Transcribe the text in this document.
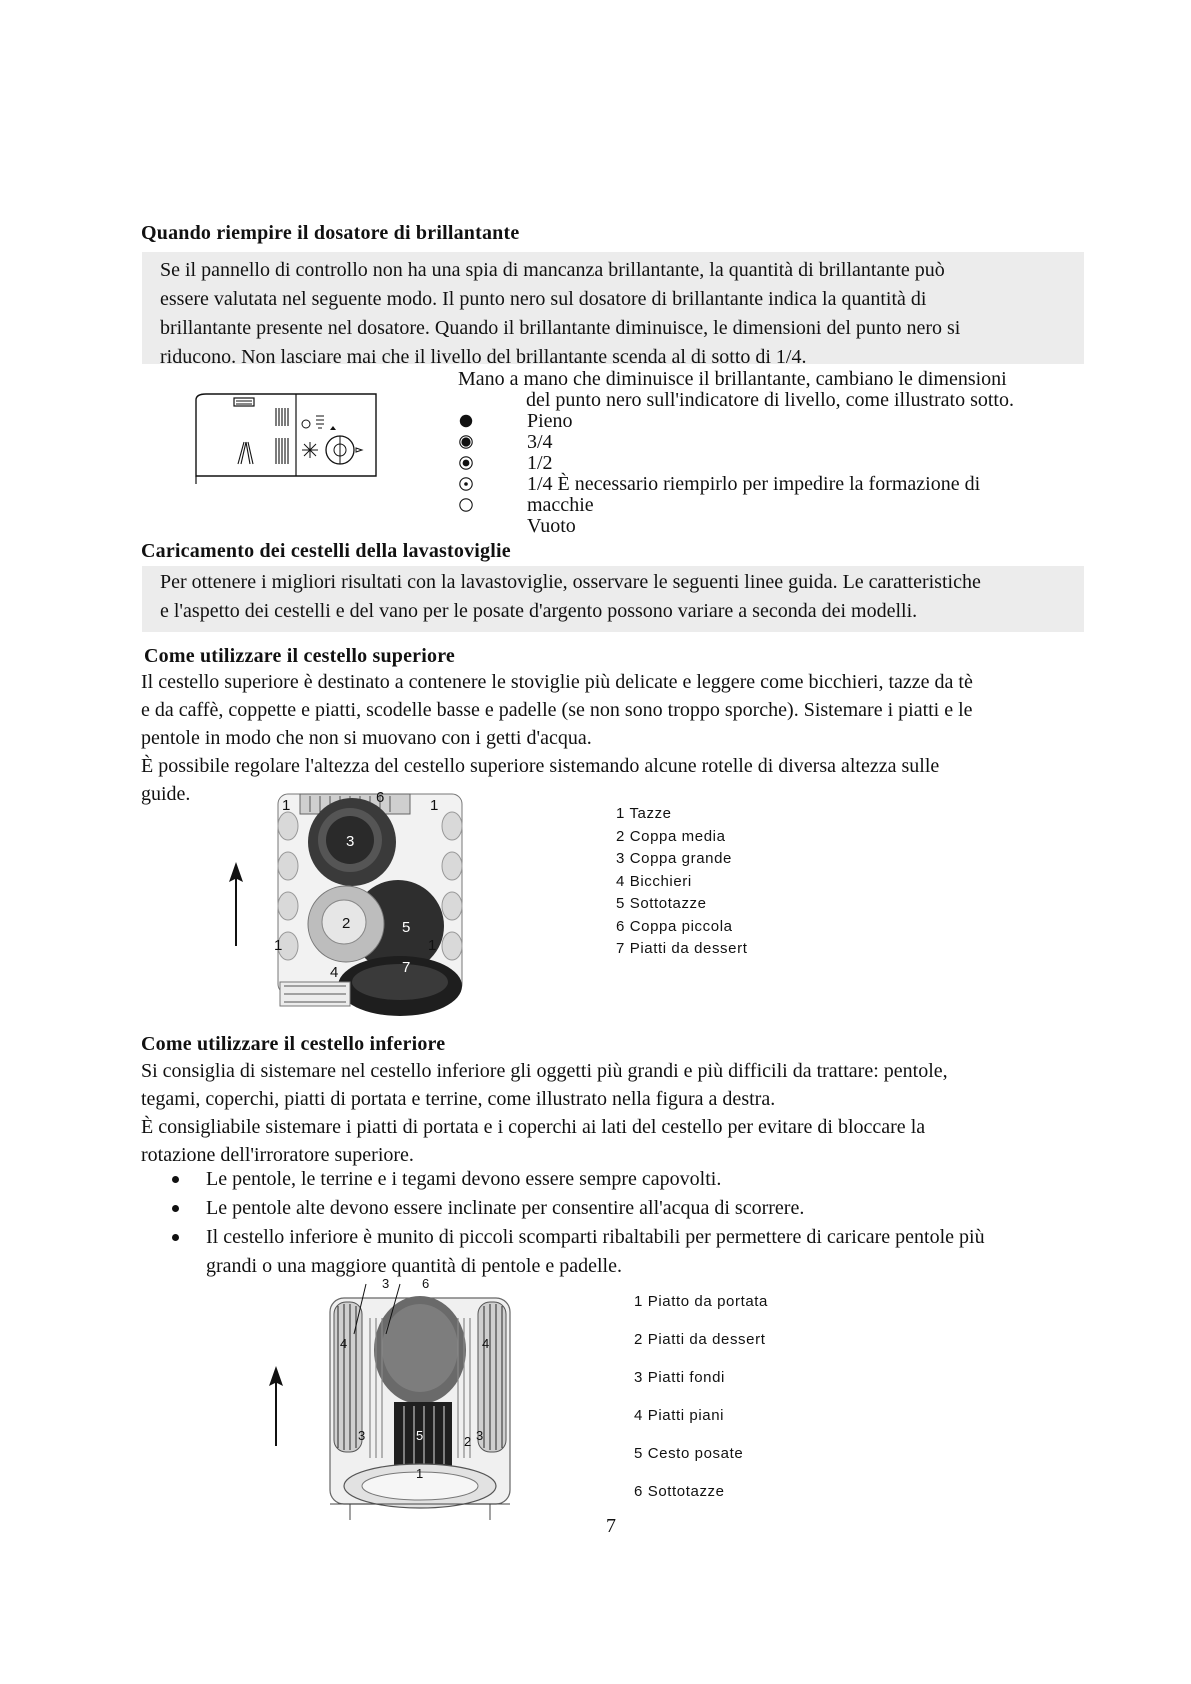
Quando riempire il dosatore di brillantante
Se il pannello di controllo non ha una spia di mancanza brillantante, la quantità di brillantante può
essere valutata nel seguente modo. Il punto nero sul dosatore di brillantante indica la quantità di
brillantante presente nel dosatore. Quando il brillantante diminuisce, le dimensioni del punto nero si
riducono. Non lasciare mai che il livello del brillantante scenda al di sotto di 1/4.
Mano a mano che diminuisce il brillantante, cambiano le dimensioni
del punto nero sull'indicatore di livello, come illustrato sotto.
Pieno
3/4
1/2
1/4 È necessario riempirlo per impedire la formazione di
macchie
Vuoto
Caricamento dei cestelli della lavastoviglie
Per ottenere i migliori risultati con la lavastoviglie, osservare le seguenti linee guida. Le caratteristiche
e l'aspetto dei cestelli e del vano per le posate d'argento possono variare a seconda dei modelli.
Come utilizzare il cestello superiore
Il cestello superiore è destinato a contenere le stoviglie più delicate e leggere come bicchieri, tazze da tè
e da caffè, coppette e piatti, scodelle basse e padelle (se non sono troppo sporche). Sistemare i piatti e le
pentole in modo che non si muovano con i getti d'acqua.
È possibile regolare l'altezza del cestello superiore sistemando alcune rotelle di diversa altezza sulle
guide.
1	6	1
3
5
2
1	1
4	7
1 Tazze
2 Coppa media
3 Coppa grande
4 Bicchieri
5 Sottotazze
6 Coppa piccola
7 Piatti da dessert
Come utilizzare il cestello inferiore
Si consiglia di sistemare nel cestello inferiore gli oggetti più grandi e più difficili da trattare: pentole,
tegami, coperchi, piatti di portata e terrine, come illustrato nella figura a destra.
È consigliabile sistemare i piatti di portata e i coperchi ai lati del cestello per evitare di bloccare la
rotazione dell'irroratore superiore.
Le pentole, le terrine e i tegami devono essere sempre capovolti.
Le pentole alte devono essere inclinate per consentire all'acqua di scorrere.
Il cestello inferiore è munito di piccoli scomparti ribaltabili per permettere di caricare pentole più
grandi o una maggiore quantità di pentole e padelle.
3	6
4	4
3	5	2 3
1
1 Piatto da portata
2 Piatti da dessert
3 Piatti fondi
4 Piatti piani
5 Cesto posate
6 Sottotazze
7
